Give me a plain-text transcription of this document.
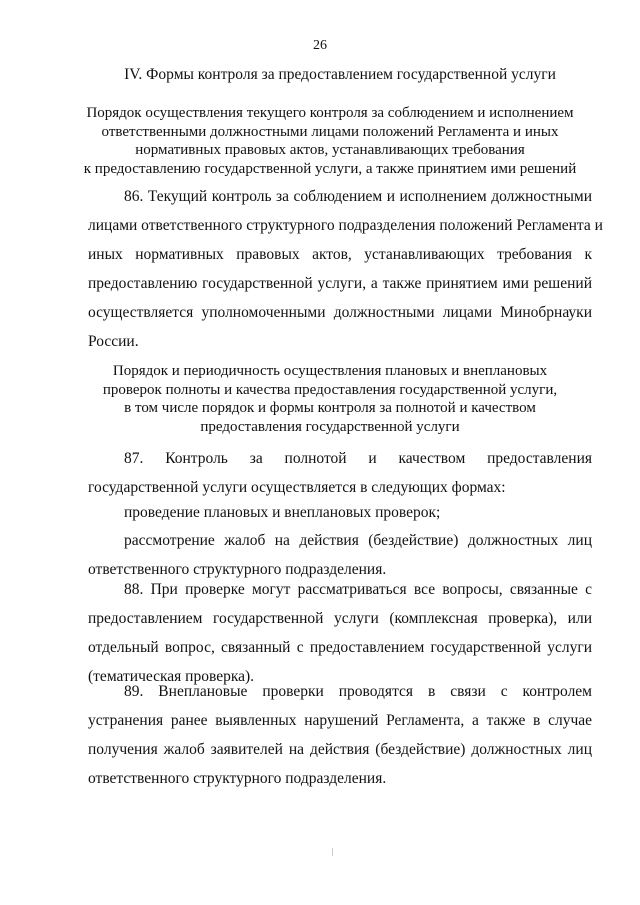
26
IV. Формы контроля за предоставлением государственной услуги
Порядок осуществления текущего контроля за соблюдением и исполнением
ответственными должностными лицами положений Регламента и иных
нормативных правовых актов, устанавливающих требования
к предоставлению государственной услуги, а также принятием ими решений
86. Текущий контроль за соблюдением и исполнением должностными
лицами ответственного структурного подразделения положений Регламента и
иных нормативных правовых актов, устанавливающих требования к
предоставлению государственной услуги, а также принятием ими решений
осуществляется уполномоченными должностными лицами Минобрнауки
России.
Порядок и периодичность осуществления плановых и внеплановых
проверок полноты и качества предоставления государственной услуги,
в том числе порядок и формы контроля за полнотой и качеством
предоставления государственной услуги
87. Контроль за полнотой и качеством предоставления
государственной услуги осуществляется в следующих формах:
проведение плановых и внеплановых проверок;
рассмотрение жалоб на действия (бездействие) должностных лиц
ответственного структурного подразделения.
88. При проверке могут рассматриваться все вопросы, связанные с
предоставлением государственной услуги (комплексная проверка), или
отдельный вопрос, связанный с предоставлением государственной услуги
(тематическая проверка).
89. Внеплановые проверки проводятся в связи с контролем
устранения ранее выявленных нарушений Регламента, а также в случае
получения жалоб заявителей на действия (бездействие) должностных лиц
ответственного структурного подразделения.
